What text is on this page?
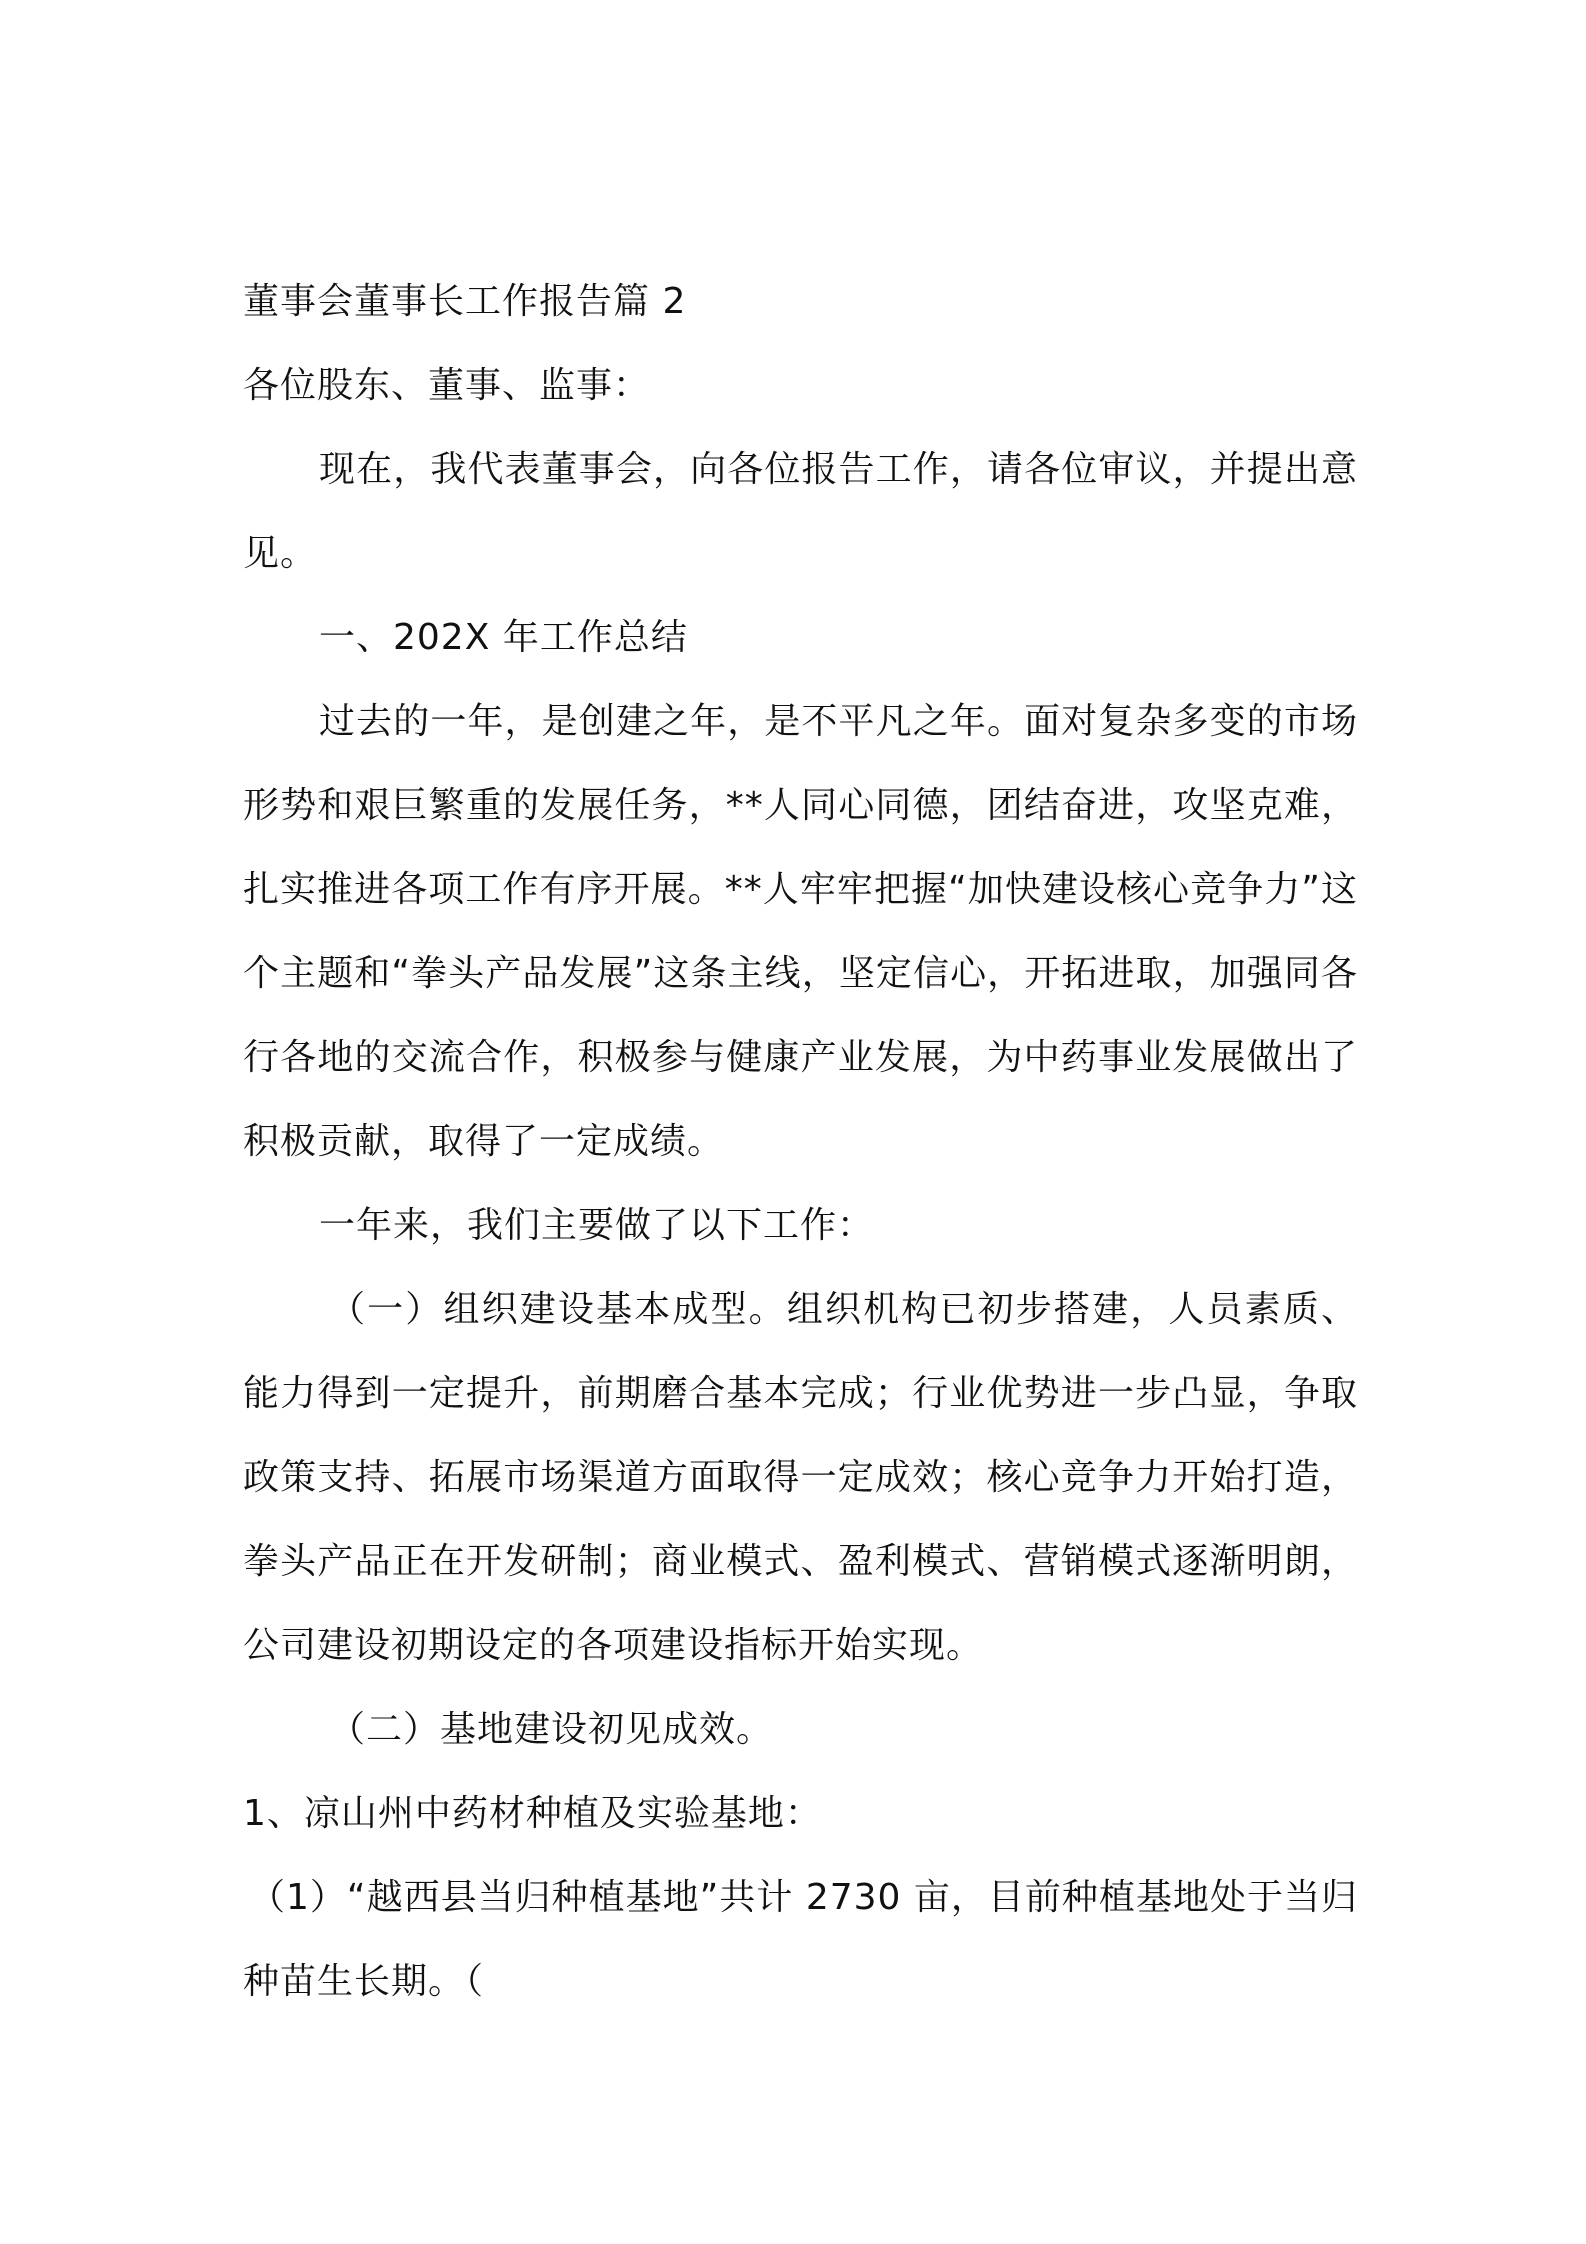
董事会董事长工作报告篇 2

各位股东、董事、监事：

现在，我代表董事会，向各位报告工作，请各位审议，并提出意见。

一、202X 年工作总结

过去的一年，是创建之年，是不平凡之年。面对复杂多变的市场形势和艰巨繁重的发展任务，**人同心同德，团结奋进，攻坚克难，扎实推进各项工作有序开展。**人牢牢把握“加快建设核心竞争力”这个主题和“拳头产品发展”这条主线，坚定信心，开拓进取，加强同各行各地的交流合作，积极参与健康产业发展，为中药事业发展做出了积极贡献，取得了一定成绩。

一年来，我们主要做了以下工作：

（一）组织建设基本成型。组织机构已初步搭建，人员素质、能力得到一定提升，前期磨合基本完成；行业优势进一步凸显，争取政策支持、拓展市场渠道方面取得一定成效；核心竞争力开始打造，拳头产品正在开发研制；商业模式、盈利模式、营销模式逐渐明朗，公司建设初期设定的各项建设指标开始实现。

（二）基地建设初见成效。

1、凉山州中药材种植及实验基地：

（1）“越西县当归种植基地”共计 2730 亩，目前种植基地处于当归种苗生长期。（
